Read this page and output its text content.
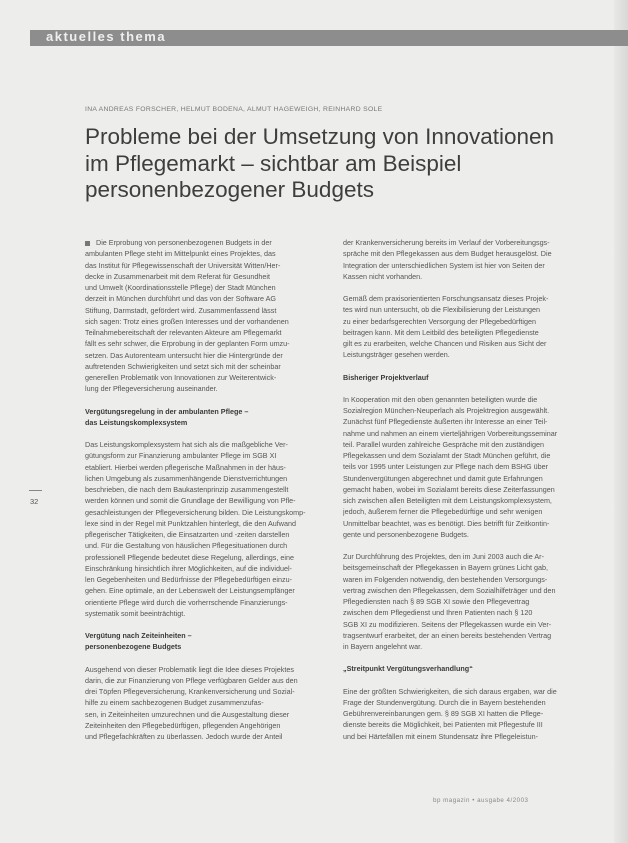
aktuelles thema
INA ANDREAS FORSCHER, HELMUT BODENA, ALMUT HAGEWEIGH, REINHARD SOLE
Probleme bei der Umsetzung von Innovationen
im Pflegemarkt – sichtbar am Beispiel
personenbezogener Budgets
32
Die Erprobung von personenbezogenen Budgets in der
ambulanten Pflege steht im Mittelpunkt eines Projektes, das
das Institut für Pflegewissenschaft der Universität Witten/Her-
decke in Zusammenarbeit mit dem Referat für Gesundheit
und Umwelt (Koordinationsstelle Pflege) der Stadt München
derzeit in München durchführt und das von der Software AG
Stiftung, Darmstadt, gefördert wird. Zusammenfassend lässt
sich sagen: Trotz eines großen Interesses und der vorhandenen
Teilnahmebereitschaft der relevanten Akteure am Pflegemarkt
fällt es sehr schwer, die Erprobung in der geplanten Form umzu-
setzen. Das Autorenteam untersucht hier die Hintergründe der
auftretenden Schwierigkeiten und setzt sich mit der scheinbar
generellen Problematik von Innovationen zur Weiterentwick-
lung der Pflegeversicherung auseinander.
Vergütungsregelung in der ambulanten Pflege –
das Leistungskomplexsystem
Das Leistungskomplexsystem hat sich als die maßgebliche Ver-
gütungsform zur Finanzierung ambulanter Pflege im SGB XI
etabliert. Hierbei werden pflegerische Maßnahmen in der häus-
lichen Umgebung als zusammenhängende Dienstverrichtungen
beschrieben, die nach dem Baukastenprinzip zusammengestellt
werden können und somit die Grundlage der Bewilligung von Pfle-
gesachleistungen der Pflegeversicherung bilden. Die Leistungskomp-
lexe sind in der Regel mit Punktzahlen hinterlegt, die den Aufwand
pflegerischer Tätigkeiten, die Einsatzarten und -zeiten darstellen
und. Für die Gestaltung von häuslichen Pflegesituationen durch
professionell Pflegende bedeutet diese Regelung, allerdings, eine
Einschränkung hinsichtlich ihrer Möglichkeiten, auf die individuel-
len Gegebenheiten und Bedürfnisse der Pflegebedürftigen einzu-
gehen. Eine optimale, an der Lebenswelt der Leistungsempfänger
orientierte Pflege wird durch die vorherrschende Finanzierungs-
systematik somit beeinträchtigt.
Vergütung nach Zeiteinheiten –
personenbezogene Budgets
Ausgehend von dieser Problematik liegt die Idee dieses Projektes
darin, die zur Finanzierung von Pflege verfügbaren Gelder aus den
drei Töpfen Pflegeversicherung, Krankenversicherung und Sozial-
hilfe zu einem sachbezogenen Budget zusammenzufas-
sen, in Zeiteinheiten umzurechnen und die Ausgestaltung dieser
Zeiteinheiten den Pflegebedürftigen, pflegenden Angehörigen
und Pflegefachkräften zu überlassen. Jedoch wurde der Anteil
der Krankenversicherung bereits im Verlauf der Vorbereitungsgs-
spräche mit den Pflegekassen aus dem Budget herausgelöst. Die
Integration der unterschiedlichen System ist hier von Seiten der
Kassen nicht vorhanden.
Gemäß dem praxisorientierten Forschungsansatz dieses Projek-
tes wird nun untersucht, ob die Flexibilisierung der Leistungen
zu einer bedarfsgerechten Versorgung der Pflegebedürftigen
beitragen kann. Mit dem Leitbild des beteiligten Pflegedienste
gilt es zu erarbeiten, welche Chancen und Risiken aus Sicht der
Leistungsträger gesehen werden.
Bisheriger Projektverlauf
In Kooperation mit den oben genannten beteiligten wurde die
Sozialregion München-Neuperlach als Projektregion ausgewählt.
Zunächst fünf Pflegedienste äußerten ihr Interesse an einer Teil-
nahme und nahmen an einem vierteljährigen Vorbereitungsseminar
teil. Parallel wurden zahlreiche Gespräche mit den zuständigen
Pflegekassen und dem Sozialamt der Stadt München geführt, die
teils vor 1995 unter Leistungen zur Pflege nach dem BSHG über
Stundenvergütungen abgerechnet und damit gute Erfahrungen
gemacht haben, wobei im Sozialamt bereits diese Zeiterfassungen
sich zwischen allen Beteiligten mit dem Leistungskomplexsystem,
jedoch, äußerem ferner die Pflegebedürftige und sehr wenigen
Unmittelbar beachtet, was es benötigt. Dies betrifft für Zeitkontin-
gente und personenbezogene Budgets.
Zur Durchführung des Projektes, den im Juni 2003 auch die Ar-
beitsgemeinschaft der Pflegekassen in Bayern grünes Licht gab,
waren im Folgenden notwendig, den bestehenden Versorgungs-
vertrag zwischen den Pflegekassen, dem Sozialhilfeträger und den
Pflegediensten nach § 89 SGB XI sowie den Pflegevertrag
zwischen dem Pflegedienst und Ihren Patienten nach § 120
SGB XI zu modifizieren. Seitens der Pflegekassen wurde ein Ver-
tragsentwurf erarbeitet, der an einen bereits bestehenden Vertrag
in Bayern angelehnt war.
„Streitpunkt Vergütungsverhandlung“
Eine der größten Schwierigkeiten, die sich daraus ergaben, war die
Frage der Stundenvergütung. Durch die in Bayern bestehenden
Gebührenvereinbarungen gem. § 89 SGB XI hatten die Pflege-
dienste bereits die Möglichkeit, bei Patienten mit Pflegestufe III
und bei Härtefällen mit einem Stundensatz ihre Pflegeleistun-
bp magazin • ausgabe 4/2003
